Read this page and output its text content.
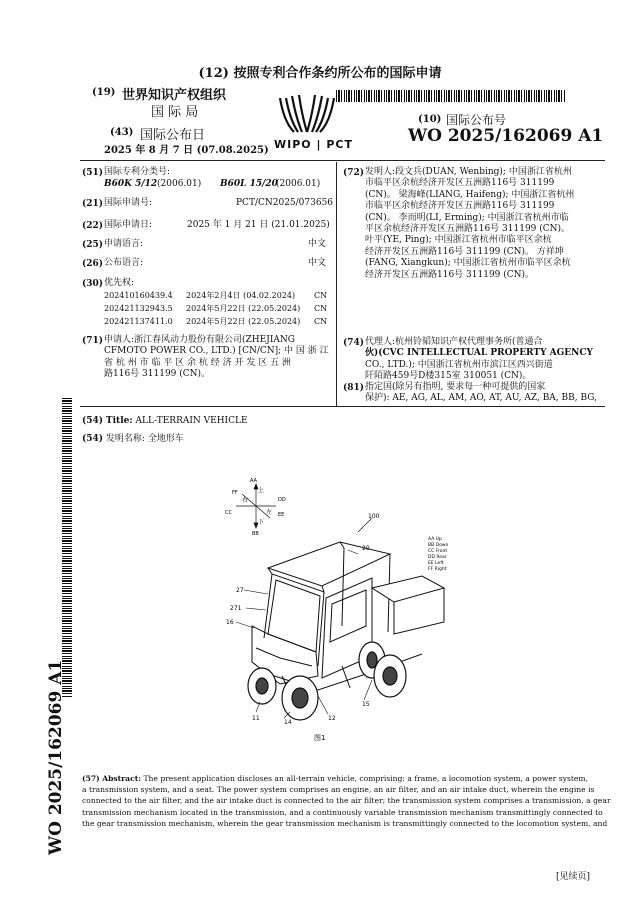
(12) 按照专利合作条约所公布的国际申请
(19) 世界知识产权组织
国 际 局
(43) 国际公布日
2025 年 8 月 7 日 (07.08.2025) WIPO | PCT
(10) 国际公布号
WO 2025/162069 A1
(51) 国际专利分类号:
B60K 5/12 (2006.01) B60L 15/20
(2006.01)
(21) 国际申请号:	PCT/CN2025/073656
(22) 国际申请日:	2025 年 1 月 21 日 (21.01.2025)
(25) 申请语言:	中文
(26) 公布语言:	中文
(30) 优先权:
202410160439.4 2024年2月4日 (04.02.2024) CN
202421132943.5 2024年5月22日 (22.05.2024) CN
202421137411.0 2024年5月22日 (22.05.2024) CN
(71) 申请人:浙江春风动力股份有限公司(ZHEJIANG
CFMOTO POWER CO., LTD.) [CN/CN]; 中 国 浙 江
省 杭 州 市 临 平 区 余 杭 经 济 开 发 区 五 洲
路116号 311199 (CN)。
(72) 发明人:段文兵(DUAN, Wenbing); 中国浙江省杭州
市临平区余杭经济开发区五洲路116号 311199
(CN)。 梁海峰(LIANG, Haifeng); 中国浙江省杭州
市临平区余杭经济开发区五洲路116号 311199
(CN)。 李而明(LI, Erming); 中国浙江省杭州市临
平区余杭经济开发区五洲路116号 311199 (CN)。
叶平(YE, Ping); 中国浙江省杭州市临平区余杭
经济开发区五洲路116号 311199 (CN)。 方祥坤
(FANG, Xiangkun); 中国浙江省杭州市临平区余杭
经济开发区五洲路116号 311199 (CN)。
(74) 代理人:杭州铃韬知识产权代理事务所(普通合
伙)(CVC INTELLECTUAL PROPERTY AGENCY
CO., LTD.); 中国浙江省杭州市滨江区西兴街道
阡陌路459号D楼315室 310051 (CN)。
(81) 指定国(除另有指明, 要求每一种可提供的国家
保护): AE, AG, AL, AM, AO, AT, AU, AZ, BA, BB, BG,
WO 2025/162069 A1
(54) Title: ALL-TERRAIN VEHICLE
(54) 发明名称: 全地形车
AA
上
下
BB
FF
右	DD
CC	左 EE
AA Up
BB Down
CC Front
DD Rear
EE Left
FF Right
100
20
27
271
16
11
14
12
15
图1
(57) Abstract: The present application discloses an all-terrain vehicle, comprising: a frame, a locomotion system, a power system,
a transmission system, and a seat. The power system comprises an engine, an air filter, and an air intake duct, wherein the engine is
connected to the air filter, and the air intake duct is connected to the air filter; the transmission system comprises a transmission, a gear
transmission mechanism located in the transmission, and a continuously variable transmission mechanism transmittingly connected to
the gear transmission mechanism, wherein the gear transmission mechanism is transmittingly connected to the locomotion system, and
[见续页]
